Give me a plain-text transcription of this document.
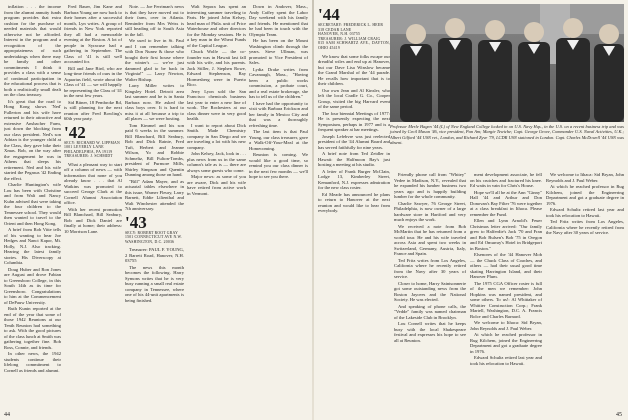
inflation . . . the income from the alumni annuity funds program provides that extra cushion for the purchase of needed materials that would otherwise not be afforded. Interest in the program and a recognition of the appropriateness of such undertakings when there may be family and other commitments I think it provides a class with a sense of continual participation in the educational process that is both a realistically small dealt on the class treasury.

It's great that the road to Hong Kong shows 'Ned' Fullerton and his wife have returned to their attractive and extensive Ansbacher Farm, just down the blocking from our class president. Ned's son Adrian is the younger child at the Class, they gave bike their Xmas. Bob, on the way after the engagement he was in Athens that sleeps his retirement. Ned and his wife started the Pegasus '42 Ending the effect.

Charlie Huntington's wife Lou has been with Christine and from Walt and Nancy Kuhn advised that were taking the four children to the Tennessee school. They would then wanted to travel to the Orient and then Hong Kong.

A brief from Rob Vitte tells of his wanting to hear Joe Hedges and Nanci Kapor, Mt. Holly, N.J. Also tracking. Hearing the latest family stories. His Diverscopy at Columbia.

Doug Huber and Ron Jones are August and drove Fabian to Greensboro College, in this South 14th as its time for Greensboro. Congratulations to him at the Commencement of DePauw University.

Ruth Kunin reported at the end of the year that some of those 1942 Reunions at our Tenth Reunion had something to ask. With the good pictures of the class lunch at Smith was gathering together fine. Bob Ross, Connie, and friends.

In other news, the 1942 students continue their lifelong commitment to Cornell as friends and alumni.

Fred Bauer, Jim Kane and Barbara Young are now back to their homes after a successful month, Lyn writes. A group of friends in New York reported they all had a memorable evening at the Boston. A lot of people in Syracuse had a gathering in September. The Class of '41 is still well accounted for.

Bill and Jane Bird, who are long-time friends of ours in the Aquarius field, wrote about the Class of '41 — we will happily be representing the Class of '41 in the next few years.

Sid Bitner, 18 Pembroke Rd, is still planning for the next reunion after Fred Bowling's 60th year party.

'42
SECY: RICHARD W. LIPPMAN
1001 LEVERLY LANE
PHILADELPHIA, PA 19119
TREASURER: J. SCHMIDT

What a pleasant way to start off a column of news — with information that none of you already know . . . that Al Watkins was promoted to succeed George Clark at the Cornell Alumni Association office.

With her recent promotion Bill Blanchard, Bill Seabury, Bob and Dick Daniel are finally at home; their address: 10 Morrison Lane.

Note. — Joe Ferriman's news is that they have moved out to their farm, over in Atlanta. Reminder from Mrs Weiss is still heading off to South Asia in the fall.

We used to live in St. Paul and I can remember talking with Don Nunez & those who bought their first house where the winter's — we've just dammed glad to be back in Virginia!" — Larry Newton, Walter Bishop.

Larry Miller writes to Kingsley Hotel. Detroit area last summer and he is in Santa Barbara now. He asked the class boys over. It is hard to miss it at all because a trip to all places — we were hosting.

Tom Kimmel and his son paid 6 weeks in the summer. Bill Blanchard, Bill Seabury, Bob and Dick Rainie, Fred Tuft, Herbert and Jeanne Wilson, Yo and Robbie Schmeltz, Bill Fulton-Tombs, president of Purmore Mills, Shirley Simpson and Quentin Dunning among those on hand.

"Bill" Adam Mayer, and as actuarial tables elsewhere in this issue, Warner Fleury, Larry Barnett, Eddie Lilienthal and Walt Winchester attended the 7th anniversary.

'43
SECY: ROBERT ROOT GRAY
1501 CONNECTICUT AVE N.W.
WASHINGTON, D.C. 20036

Treasurer: PAUL F. YOUNG, 2 Barrett Road, Hanover, N.H. 03755

The news this month becomes the following. Harry Symons writes that he is very busy running a small real estate company in Tennessee, where one of his 44-unit apartments is being finished.

Walt Sepora has spent an interesting summer traveling to Paris. He joined John Kelsey, head man of Phila. unit of Price Waterhouse and other directors for the Monday sessions. He is a key man in the Wheat Funds of the Capital League.

Chuck Wolfe — the co-founder was in Hawaii last fall with his wife, and his parents. Jack Stiller, J. Stephen Rowe, Edward Stephenson, Ray Hormesberg were in Puerto Rico.

Jerry Lyon sold the San Francisco chemicals business last year to enter a new line of work. The Rochesters at our class dinner were in very good health.

I want to report about Dick Smith. Made Chemistry company in San Diego and we are traveling a lot with his new company.

John Kelsey, Jack, look in . . . plus news from us in the same column's tale as is — there are always some guests who come.

Major news: as some of you are aware, Dick and his wife have retired from active work in Vermont.

Down in Andover, Mass., Andy Caffey spent the Labor Day weekend with his family and friends. He mentioned that he had been in touch with the Olympia Team.

He has been on the Mount Washington climb through the years. Steve Ullman, was promoted to Vice President of Sales.

Lydia Drake writes from Cavanaugh, Mass., "Having been a public works commission, a probate court, and a real estate brokerage, she has to tell us of the children."

I have had the opportunity to visit with Barbara Erickson and her family in Mexico City and that was a thoroughly refreshing time.

The last item is that Paul Young, our class treasurer, gave a Walk-Off-Your-Meal at the Homecoming.

Reunion is coming. We would like a good time, so remind you our class dinner is in the next few months — we'll hope to see you there.

44
'44
SECRETARY: FREDERICK L. HEER
318 CEDAR LANE
HANOVER, N.H. 03755
TREASURER: J. WILLIAM CRAIG
815 SAM SCHWARTZ AVE., DAYTON, OHIO 45419

We know that some folks escape our dreadful wiles and end up at Hanover, but our Dave Lisa Winslow became the Grand Marshal of the '44 parade. He recalls how important that is to their children.

Our own Jean and Al Kinsler, who left the local Cradle G. Co., Cooper Group, visited the big Harvard event of the same period.

The four biennial Meetings of 1977: He is presently expecting the next Symposium, perhaps in 1977 and is a frequent speaker at bar meetings.

Joseph Lefebvre was just reelected president of the '44 Alumni Board and has served faithfully for nine years.

A brief note from Ted Zeidler in Hawaii: the Halfmoon Bay's just hosting a meeting at his studio.

A letter of Frank Burger McClain, Lodge 13, Kimberley Street, Kemanford, N.J. expresses admiration for the new class roster.

Ed Meade has announced he plans to return to Hanover at the next reunion and would like to hear from everybody.

Friendly phone call from "Whitey" Vedee in Madison, N.Y., revealed that he expanded his lumber business two years ago and is happily building lumber for the whole community.

Charlie Sawyer, 76 George Street, Philadelphia, is now owner of a large hardware store in Hartford and very much enjoys the work.

We received a note from Bob McMartin that he has returned from a world tour. He and his wife traveled across Asia and spent two weeks in Switzerland, Germany, Austria, Italy, France and Spain.

Ted Fritz writes from Los Angeles, California where he recently retired from the Navy after 30 years of service.

Closer to home, Harry Saintsonnerie got some outstanding news from the Boston Jaycees and the National Society. He was elected.

And speaking of phone calls, the "Vedde" family was named chairman of the Lakeside Club in Brooklyn.

Lou Cornell writes that he keeps busy with the local Shakespeare festival and expresses his hope to see all at Reunion.

ment development associate, he fell on his crutches and fractured his knee. Ed waits in vain for Chris's House.

Hope we'll all be at the Ann "Ginny" Hall '44 and Arthur and Don Donovan's Bay Filter '76 were together at a class breakfast in Ithaca. Please remember the Fund.

Ellen and Lynn Arnold's Feuer Christmas letter arrived: "Our family grew to Halferdie's Jack '70 and Fran and Bob Bulsen's Bob '75 in Oregon and Ed Omurray's Hotel in Bridgeport in Boston."

Elsenores of the '44 Hanover Mob — the Chuck Class of Coaches, and others — had their usual good time skating Harrington Island, and their Hanover Plum.

The 1975 CGA Officer roster is full of the men we remember: John Hopkins was named president, and some others. To us!: Al Whittaker of Whittier Construction Corp.; Frank Martell, Washington, D.C. A. Francis Bolce and Charles Barnard.

We welcome to Ithaca: Sid Bryan, John Reynolds and J. Paul Weber.

At which he reached professor in Rug Kilchem, joined the Engineering Department and got a graduate degree in 1976.

Edward Schultz retired last year and took his relocation to Hawaii.

We welcome to Ithaca: Sid Bryan, John Reynolds and J. Paul Weber.

At which he reached professor in Rug Kilchem, joined the Engineering Department and got a graduate degree in 1976.

Edward Schultz retired last year and took his relocation to Hawaii.

Ted Fritz writes from Los Angeles, California where he recently retired from the Navy after 30 years of service.

45
Professor Merle Hagen '44 (L) of New England College looked in on U.S. Navy Hqs., in the U.S. on a recent business trip and was joined by Cecil Mason '46, vice president, Pan Am; Margie Tewiche; Capt. George Grove, Commander U.S. Naval Activities, U.K.; Albert Gilford '44 USN ret., London, and Richard Zyve '79, LCDR USN stationed in London. Capt. Charles McDowell '44 USN was absent.
